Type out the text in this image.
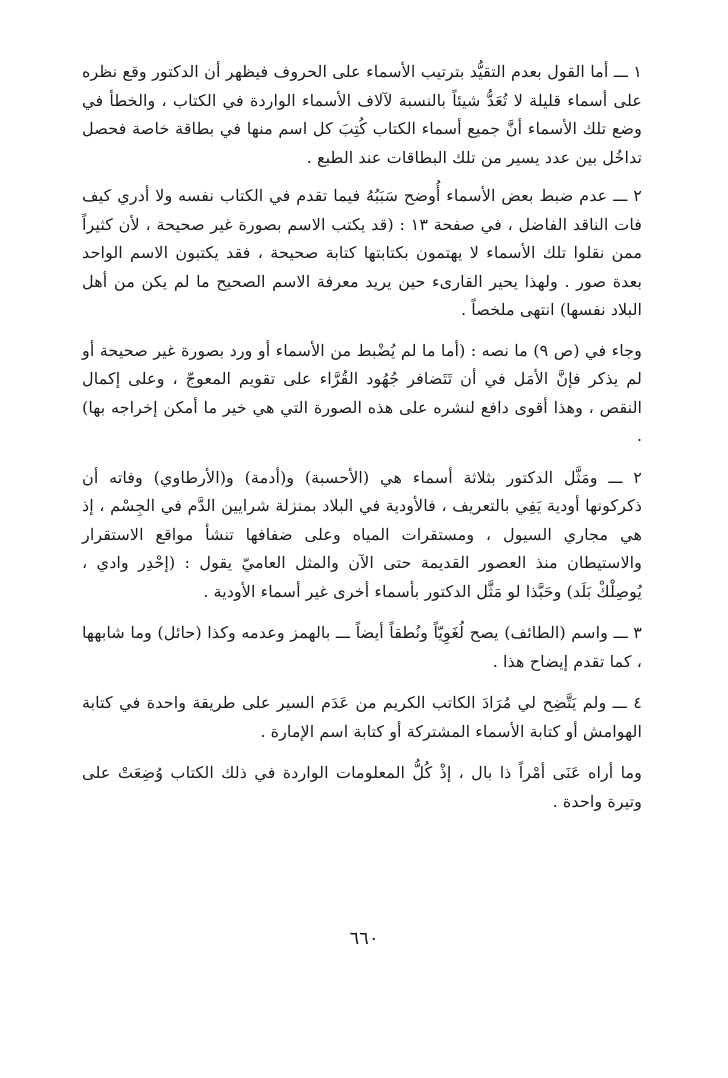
١ ـــ أما القول بعدم التقيُّد بترتيب الأسماء على الحروف فيظهر أن الدكتور وقع نظره على أسماء قليلة لا تُعَدُّ شيئاً بالنسبة لآلاف الأسماء الواردة في الكتاب ، والخطأ في وضع تلك الأسماء أنَّ جميع أسماء الكتاب كُتِبَ كل اسم منها في بطاقة خاصة فحصل تداخُل بين عدد يسير من تلك البطاقات عند الطبع .

٢ ـــ عدم ضبط بعض الأسماء أُوضح سَبَبُهُ فيما تقدم في الكتاب نفسه ولا أدري كيف فات الناقد الفاضل ، في صفحة ١٣ : (قد يكتب الاسم بصورة غير صحيحة ، لأن كثيراً ممن نقلوا تلك الأسماء لا يهتمون بكتابتها كتابة صحيحة ، فقد يكتبون الاسم الواحد بعدة صور . ولهذا يحير القارىء حين يريد معرفة الاسم الصحيح ما لم يكن من أهل البلاد نفسها) انتهى ملخصاً .

وجاء في (ص ٩) ما نصه : (أما ما لم يُضْبط من الأسماء أو ورد بصورة غير صحيحة أو لم يذكر فإنَّ الأمَل في أن تَتَضافر جُهُود القُرَّاء على تقويم المعوجّ ، وعلى إكمال النقص ، وهذا أقوى دافع لنشره على هذه الصورة التي هي خير ما أمكن إخراجه بها) .

٢ ـــ ومَثَّل الدكتور بثلاثة أسماء هي (الأحسبة) و(أدمة) و(الأرطاوي) وفاته أن ذكركونها أودية يَفِي بالتعريف ، فالأودية في البلاد بمنزلة شرايين الدَّم في الجِسْم ، إذ هي مجاري السيول ، ومستقرات المياه وعلى ضفافها تنشأ مواقع الاستقرار والاستيطان منذ العصور القديمة حتى الآن والمثل العاميّ يقول : (إحْدِر وادي ، يُوصِلْكْ بَلَد) وحَبَّذا لو مَثَّل الدكتور بأسماء أخرى غير أسماء الأودية .

٣ ـــ واسم (الطائف) يصح لُغَوِيّاً ونُطقاً أيضاً ـــ بالهمز وعدمه وكذا (حائل) وما شابهها ، كما تقدم إيضاح هذا .

٤ ـــ ولم يَتَّضِح لي مُرَادَ الكاتب الكريم من عَدَم السير على طريقة واحدة في كتابة الهوامش أو كتابة الأسماء المشتركة أو كتابة اسم الإمارة .

وما أراه عَنَى أمْراً ذا بال ، إذْ كُلُّ المعلومات الواردة في ذلك الكتاب وُضِعَتْ على وتيرة واحدة .

٦٦٠
